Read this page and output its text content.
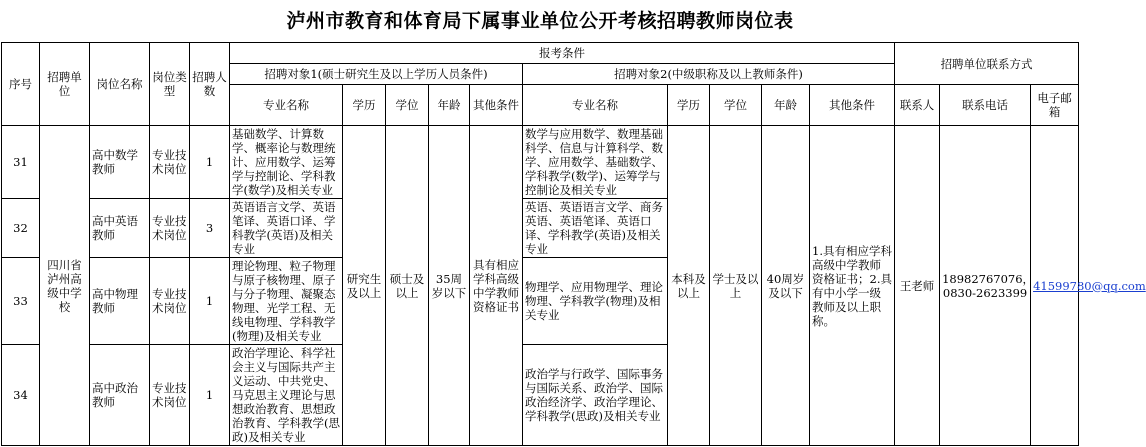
泸州市教育和体育局下属事业单位公开考核招聘教师岗位表
序号	招聘单位	岗位名称	岗位类型	招聘人数	报考条件										招聘单位联系方式		
					招聘对象1(硕士研究生及以上学历人员条件)					招聘对象2(中级职称及以上教师条件)							
					专业名称	学历	学位	年龄	其他条件	专业名称	学历	学位	年龄	其他条件	联系人	联系电话	电子邮箱
31	四川省泸州高级中学校	高中数学教师	专业技术岗位	1	基础数学、计算数学、概率论与数理统计、应用数学、运筹学与控制论、学科教学(数学)及相关专业	研究生及以上	硕士及以上	35周岁以下	具有相应学科高级中学教师资格证书	数学与应用数学、数理基础科学、信息与计算科学、数学、应用数学、基础数学、学科教学(数学)、运筹学与控制论及相关专业	本科及以上	学士及以上	40周岁及以下	1.具有相应学科高级中学教师资格证书；2.具有中小学一级教师及以上职称。	王老师	18982767076，0830-2623399	41599780@qq.com
32		高中英语教师	专业技术岗位	3	英语语言文学、英语笔译、英语口译、学科教学(英语)及相关专业					英语、英语语言文学、商务英语、英语笔译、英语口译、学科教学(英语)及相关专业							
33		高中物理教师	专业技术岗位	1	理论物理、粒子物理与原子核物理、原子与分子物理、凝聚态物理、光学工程、无线电物理、学科教学(物理)及相关专业					物理学、应用物理学、理论物理、学科教学(物理)及相关专业							
34		高中政治教师	专业技术岗位	1	政治学理论、科学社会主义与国际共产主义运动、中共党史、马克思主义理论与思想政治教育、思想政治教育、学科教学(思政)及相关专业					政治学与行政学、国际事务与国际关系、政治学、国际政治经济学、政治学理论、学科教学(思政)及相关专业							
